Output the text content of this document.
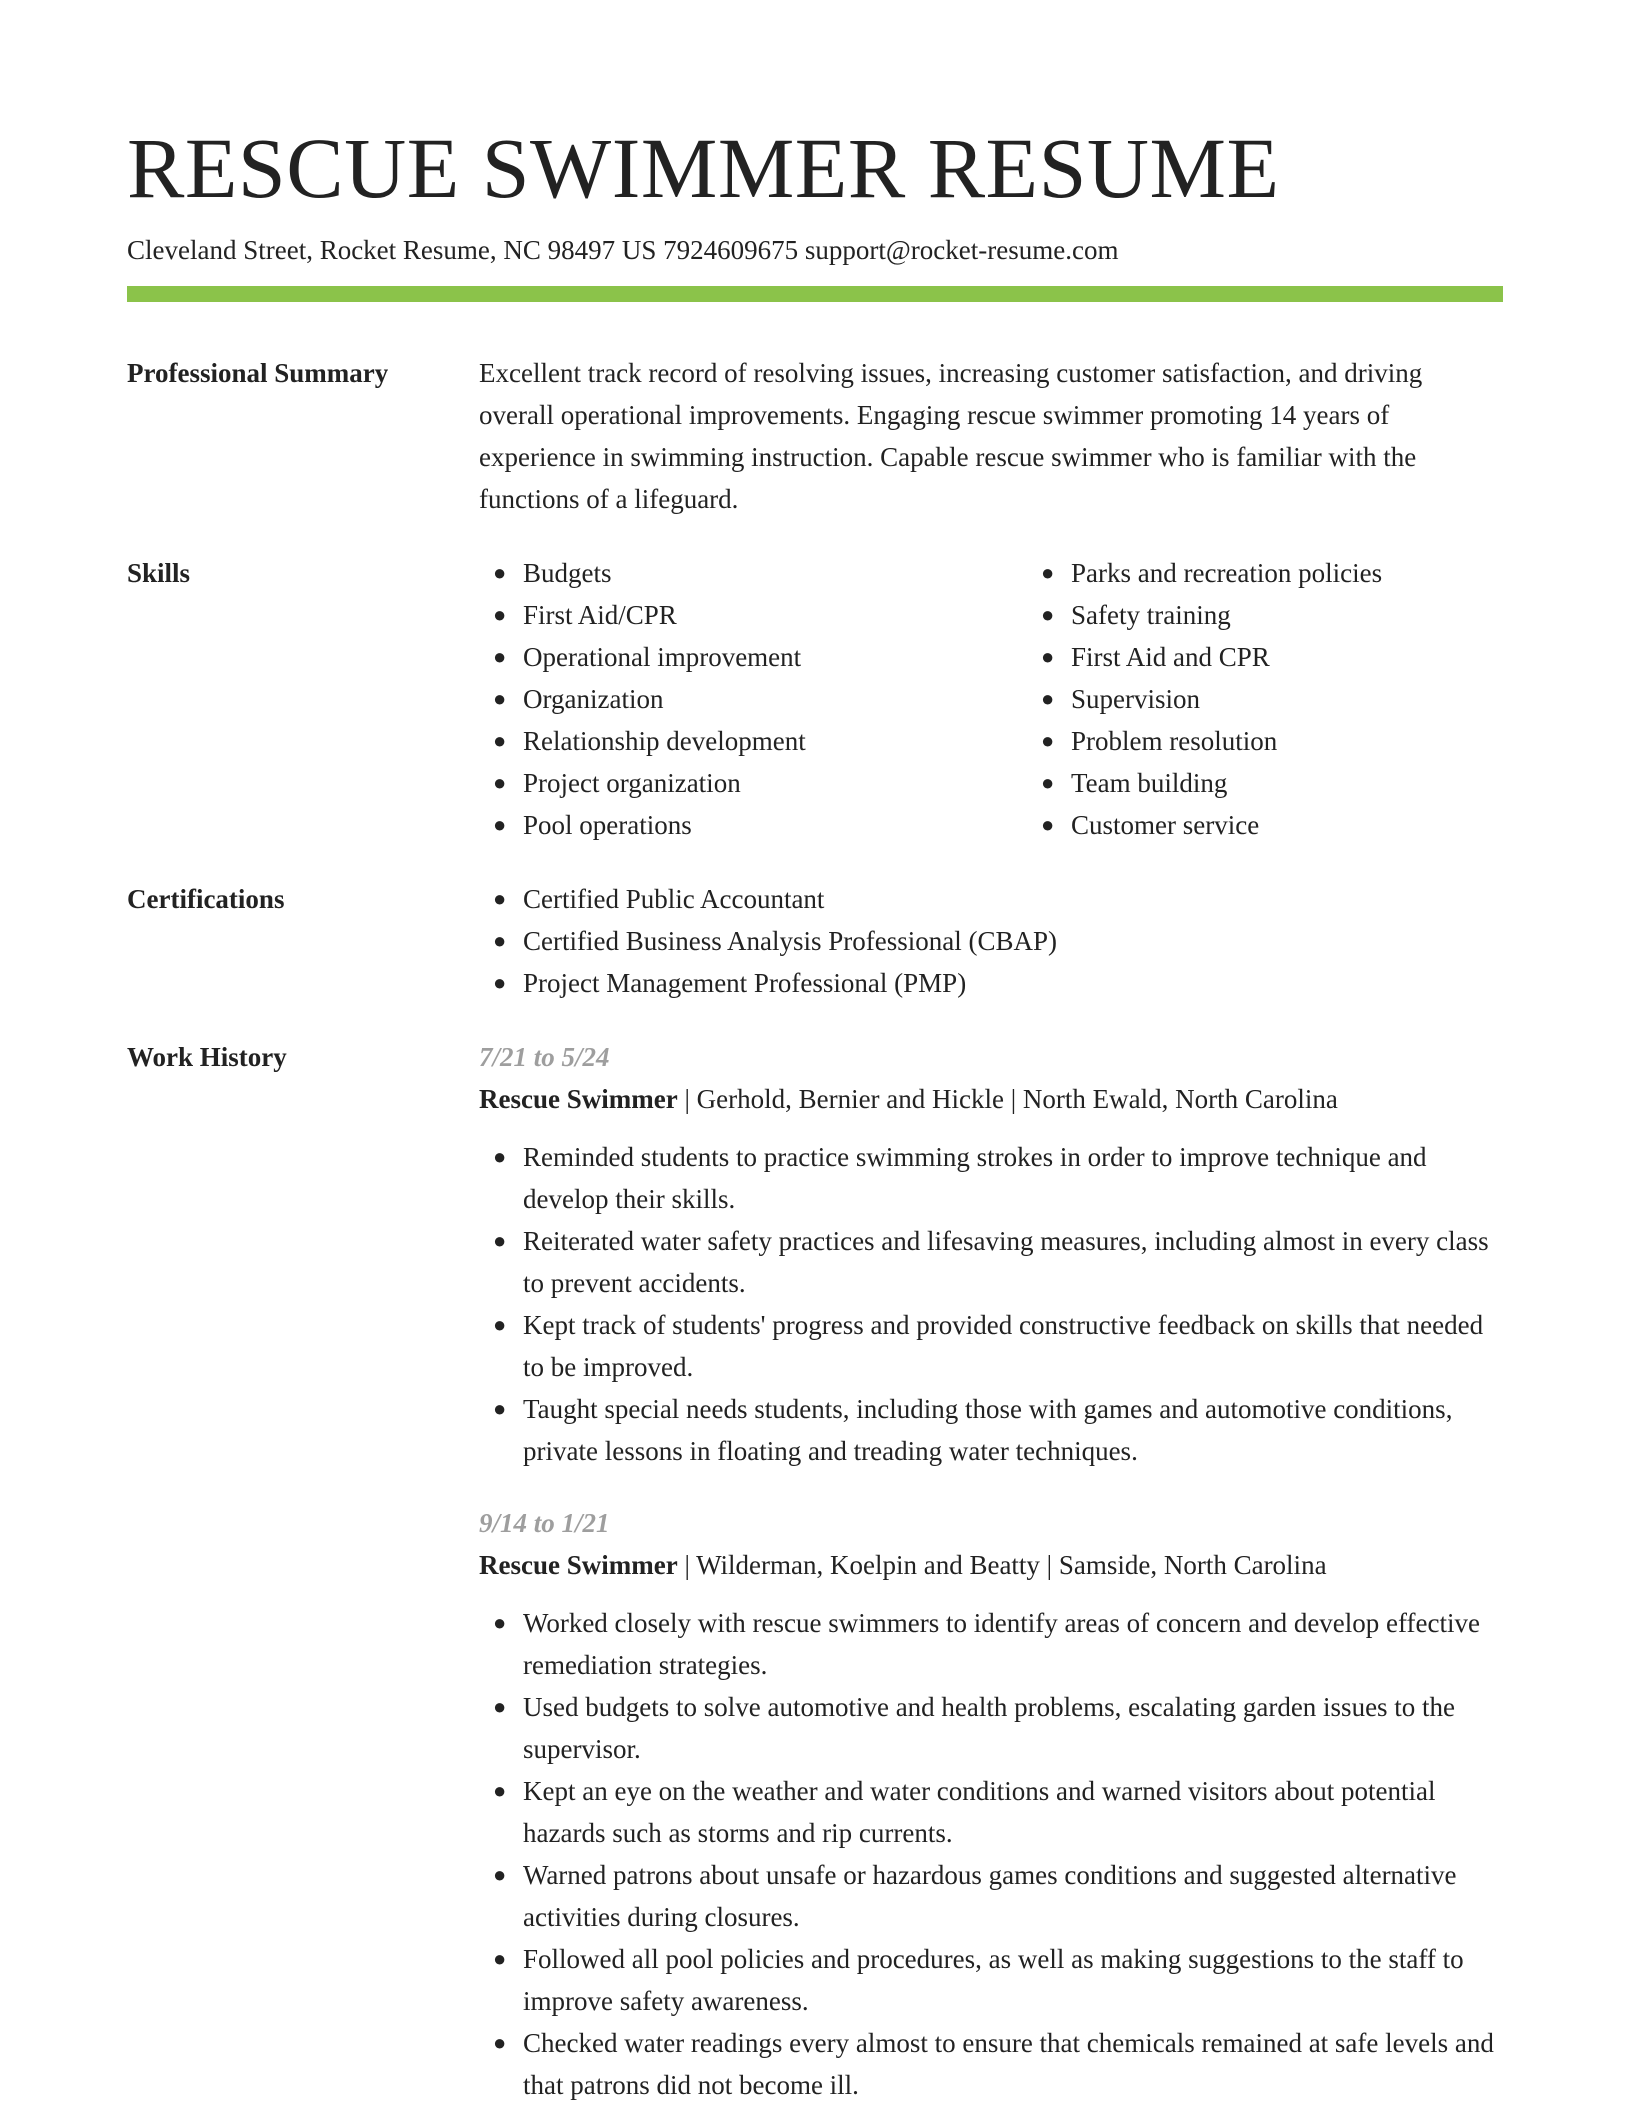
RESCUE SWIMMER RESUME
Cleveland Street, Rocket Resume, NC 98497 US 7924609675 support@rocket-resume.com
Professional Summary	Excellent track record of resolving issues, increasing customer satisfaction, and driving overall operational improvements. Engaging rescue swimmer promoting 14 years of experience in swimming instruction. Capable rescue swimmer who is familiar with the functions of a lifeguard.
Skills	● Budgets
● First Aid/CPR
● Operational improvement
● Organization
● Relationship development
● Project organization
● Pool operations
● Parks and recreation policies
● Safety training
● First Aid and CPR
● Supervision
● Problem resolution
● Team building
● Customer service
Certifications	● Certified Public Accountant
● Certified Business Analysis Professional (CBAP)
● Project Management Professional (PMP)
Work History	7/21 to 5/24
Rescue Swimmer | Gerhold, Bernier and Hickle | North Ewald, North Carolina
● Reminded students to practice swimming strokes in order to improve technique and develop their skills.
● Reiterated water safety practices and lifesaving measures, including almost in every class to prevent accidents.
● Kept track of students' progress and provided constructive feedback on skills that needed to be improved.
● Taught special needs students, including those with games and automotive conditions, private lessons in floating and treading water techniques.
9/14 to 1/21
Rescue Swimmer | Wilderman, Koelpin and Beatty | Samside, North Carolina
● Worked closely with rescue swimmers to identify areas of concern and develop effective remediation strategies.
● Used budgets to solve automotive and health problems, escalating garden issues to the supervisor.
● Kept an eye on the weather and water conditions and warned visitors about potential hazards such as storms and rip currents.
● Warned patrons about unsafe or hazardous games conditions and suggested alternative activities during closures.
● Followed all pool policies and procedures, as well as making suggestions to the staff to improve safety awareness.
● Checked water readings every almost to ensure that chemicals remained at safe levels and that patrons did not become ill.
